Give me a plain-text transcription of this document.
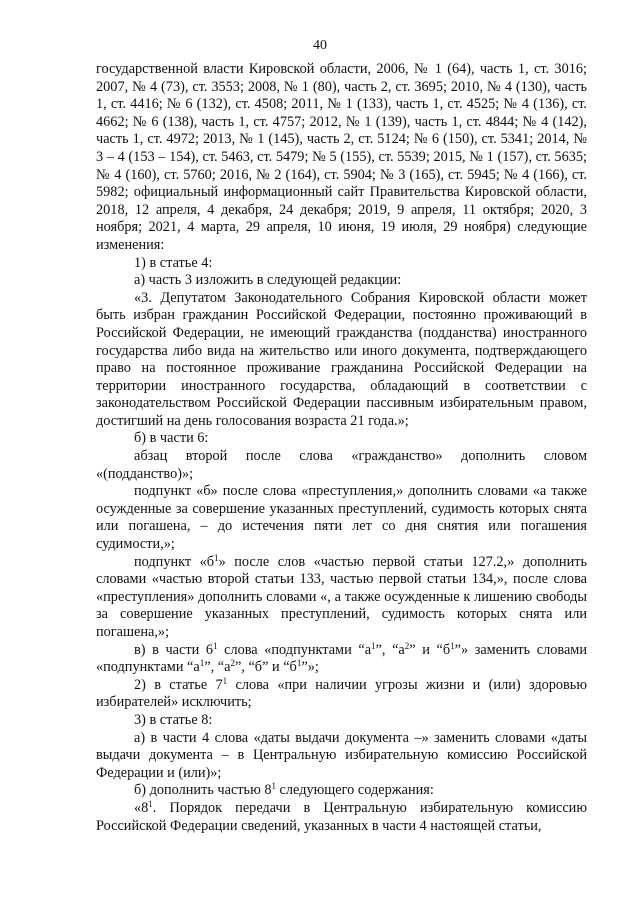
40

государственной власти Кировской области, 2006, № 1 (64), часть 1, ст. 3016; 2007, № 4 (73), ст. 3553; 2008, № 1 (80), часть 2, ст. 3695; 2010, № 4 (130), часть 1, ст. 4416; № 6 (132), ст. 4508; 2011, № 1 (133), часть 1, ст. 4525; № 4 (136), ст. 4662; № 6 (138), часть 1, ст. 4757; 2012, № 1 (139), часть 1, ст. 4844; № 4 (142), часть 1, ст. 4972; 2013, № 1 (145), часть 2, ст. 5124; № 6 (150), ст. 5341; 2014, № 3 – 4 (153 – 154), ст. 5463, ст. 5479; № 5 (155), ст. 5539; 2015, № 1 (157), ст. 5635; № 4 (160), ст. 5760; 2016, № 2 (164), ст. 5904; № 3 (165), ст. 5945; № 4 (166), ст. 5982; официальный информационный сайт Правительства Кировской области, 2018, 12 апреля, 4 декабря, 24 декабря; 2019, 9 апреля, 11 октября; 2020, 3 ноября; 2021, 4 марта, 29 апреля, 10 июня, 19 июля, 29 ноября) следующие изменения:

1) в статье 4:

а) часть 3 изложить в следующей редакции:

«3. Депутатом Законодательного Собрания Кировской области может быть избран гражданин Российской Федерации, постоянно проживающий в Российской Федерации, не имеющий гражданства (подданства) иностранного государства либо вида на жительство или иного документа, подтверждающего право на постоянное проживание гражданина Российской Федерации на территории иностранного государства, обладающий в соответствии с законодательством Российской Федерации пассивным избирательным правом, достигший на день голосования возраста 21 года.»;

б) в части 6:

абзац второй после слова «гражданство» дополнить словом «(подданство)»;

подпункт «б» после слова «преступления,» дополнить словами «а также осужденные за совершение указанных преступлений, судимость которых снята или погашена, – до истечения пяти лет со дня снятия или погашения судимости,»;

подпункт «$б^1$» после слов «частью первой статьи 127.2,» дополнить словами «частью второй статьи 133, частью первой статьи 134,», после слова «преступления» дополнить словами «, а также осужденные к лишению свободы за совершение указанных преступлений, судимость которых снята или погашена,»;

в) в части $6^1$ слова «подпунктами “$а^1$”, “$а^2$” и “$б^1$”» заменить словами «подпунктами “$а^1$”, “$а^2$”, “б” и “$б^1$”»;

2) в статье $7^1$ слова «при наличии угрозы жизни и (или) здоровью избирателей» исключить;

3) в статье 8:

а) в части 4 слова «даты выдачи документа –» заменить словами «даты выдачи документа – в Центральную избирательную комиссию Российской Федерации и (или)»;

б) дополнить частью $8^1$ следующего содержания:

«$8^1$. Порядок передачи в Центральную избирательную комиссию Российской Федерации сведений, указанных в части 4 настоящей статьи,
